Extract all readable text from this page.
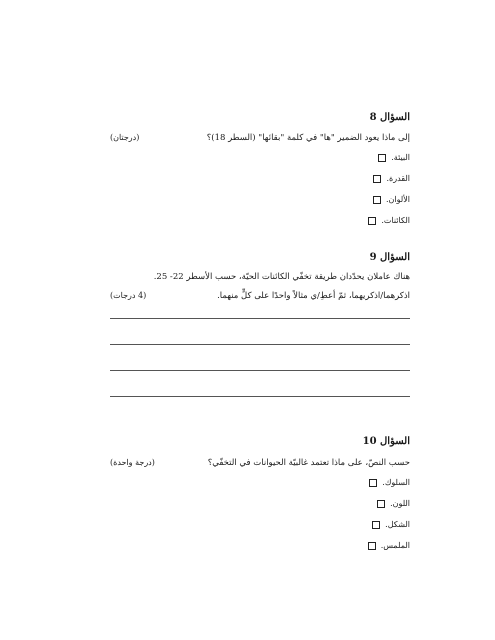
السؤال 8
إلى ماذا يعود الضمير "ها" في كلمة "بقائها" (السطر 18)؟
(درجتان)
البيئة.
القدرة.
الألوان.
الكائنات.
السؤال 9
هناك عاملان يحدّدان طريقة تخفّي الكائنات الحيّة، حسب الأسطر 22- 25.
اذكرهما/اذكريهما، ثمّ أعطِ/ي مثالاً واحدًا على كلٍّ منهما.
(4 درجات)
السؤال 10
حسب النصّ، على ماذا تعتمد غالبيّة الحيوانات في التخفّي؟
(درجة واحدة)
السلوك.
اللون.
الشكل.
الملمس.
